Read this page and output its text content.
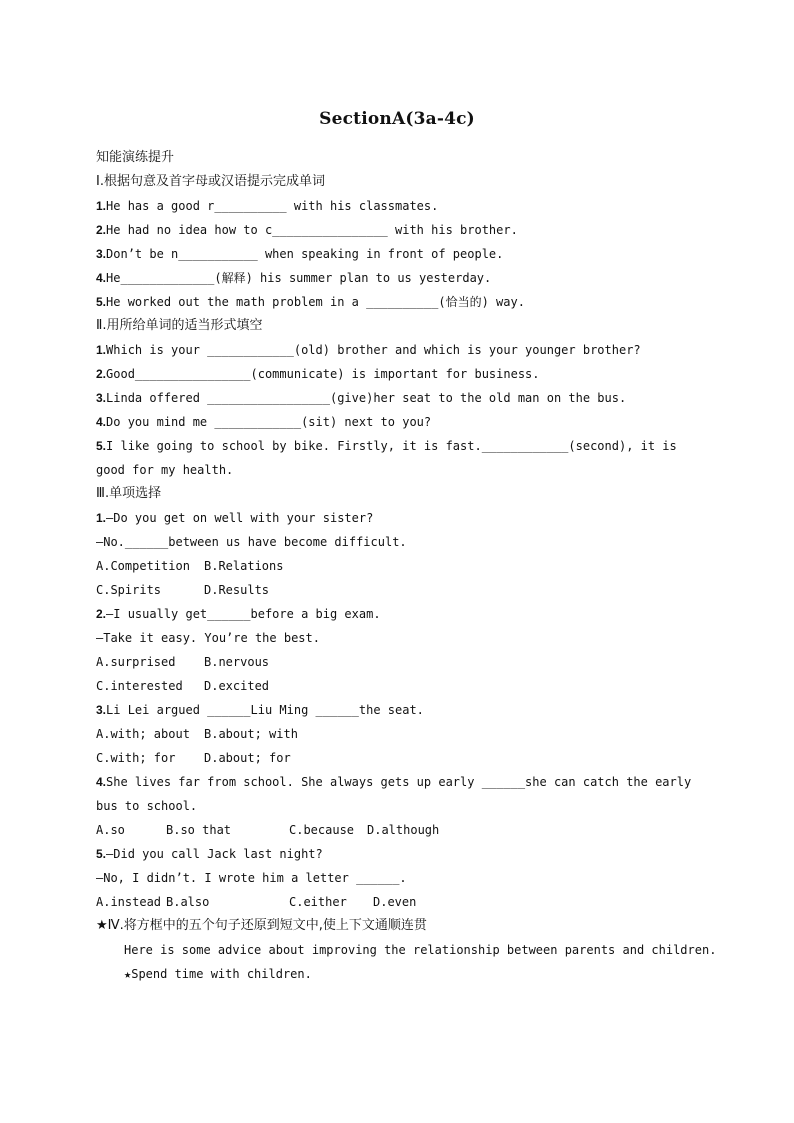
SectionA(3a-4c)
知能演练提升
Ⅰ.根据句意及首字母或汉语提示完成单词
1.He has a good r__________ with his classmates.
2.He had no idea how to c________________ with his brother.
3.Don’t be n___________ when speaking in front of people.
4.He_____________(解释) his summer plan to us yesterday.
5.He worked out the math problem in a __________(恰当的) way.
Ⅱ.用所给单词的适当形式填空
1.Which is your ____________(old) brother and which is your younger brother?
2.Good________________(communicate) is important for business.
3.Linda offered _________________(give)her seat to the old man on the bus.
4.Do you mind me ____________(sit) next to you?
5.I like going to school by bike. Firstly, it is fast.____________(second), it is
good for my health.
Ⅲ.单项选择
1.—Do you get on well with your sister?
—No.______between us have become difficult.
A.Competition B.Relations
C.Spirits	D.Results
2.—I usually get______before a big exam.
—Take it easy. You’re the best.
A.surprised B.nervous
C.interested D.excited
3.Li Lei argued ______Liu Ming ______the seat.
A.with; about B.about; with
C.with; for D.about; for
4.She lives far from school. She always gets up early ______she can catch the early
bus to school.
A.so	B.so that	C.because D.although
5.—Did you call Jack last night?
—No, I didn’t. I wrote him a letter ______.
A.instead B.also	C.either D.even
★Ⅳ.将方框中的五个句子还原到短文中,使上下文通顺连贯
Here is some advice about improving the relationship between parents and children.
★Spend time with children.
